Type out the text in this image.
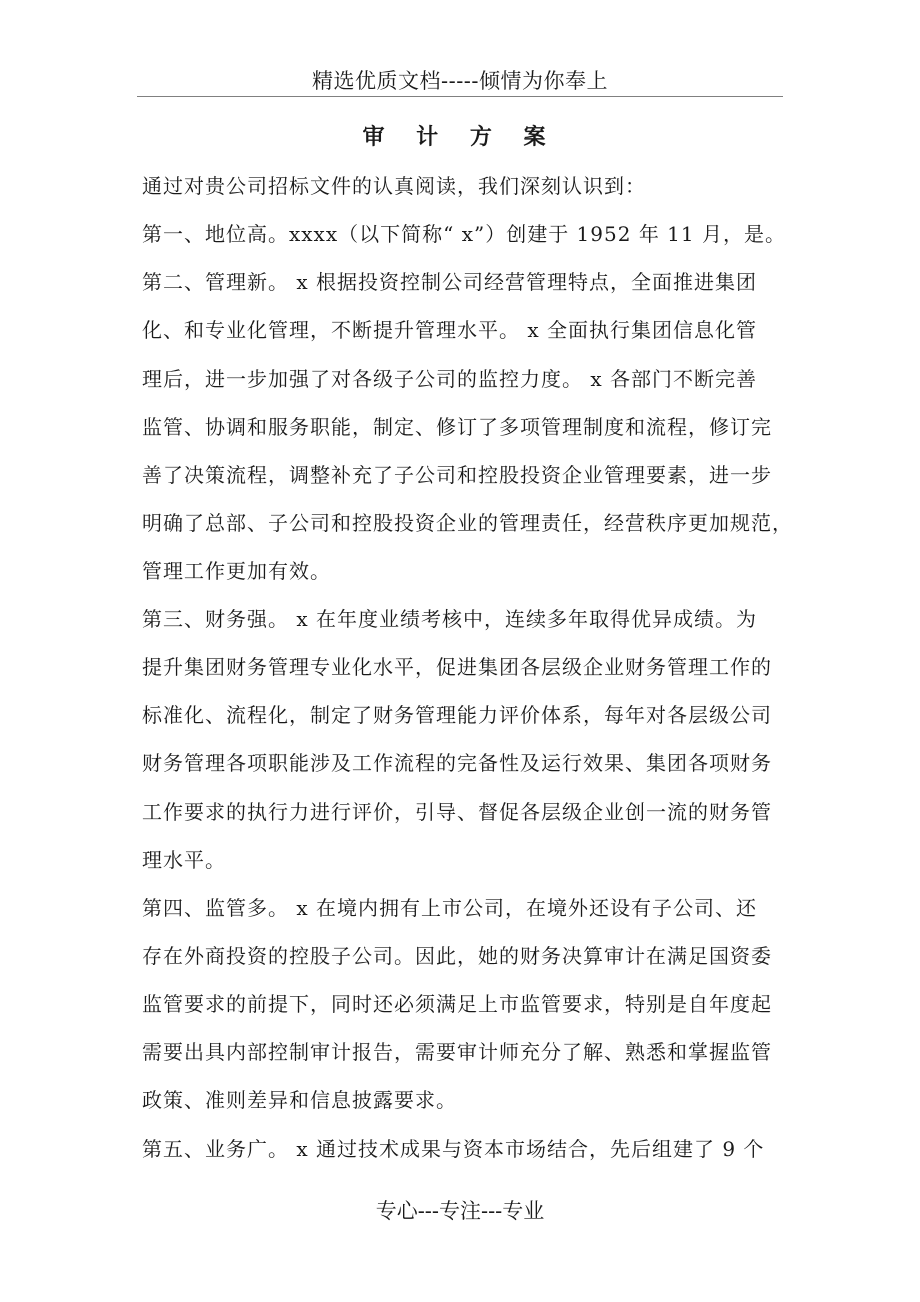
精选优质文档-----倾情为你奉上
审 计 方 案
通过对贵公司招标文件的认真阅读，我们深刻认识到：
第一、地位高。xxxx（以下简称“ x”）创建于 1952 年 11 月，是。
第二、管理新。 x 根据投资控制公司经营管理特点，全面推进集团
化、和专业化管理，不断提升管理水平。 x 全面执行集团信息化管
理后，进一步加强了对各级子公司的监控力度。 x 各部门不断完善
监管、协调和服务职能，制定、修订了多项管理制度和流程，修订完
善了决策流程，调整补充了子公司和控股投资企业管理要素，进一步
明确了总部、子公司和控股投资企业的管理责任，经营秩序更加规范，
管理工作更加有效。
第三、财务强。 x 在年度业绩考核中，连续多年取得优异成绩。为
提升集团财务管理专业化水平，促进集团各层级企业财务管理工作的
标准化、流程化，制定了财务管理能力评价体系，每年对各层级公司
财务管理各项职能涉及工作流程的完备性及运行效果、集团各项财务
工作要求的执行力进行评价，引导、督促各层级企业创一流的财务管
理水平。
第四、监管多。 x 在境内拥有上市公司，在境外还设有子公司、还
存在外商投资的控股子公司。因此，她的财务决算审计在满足国资委
监管要求的前提下，同时还必须满足上市监管要求，特别是自年度起
需要出具内部控制审计报告，需要审计师充分了解、熟悉和掌握监管
政策、准则差异和信息披露要求。
第五、业务广。 x 通过技术成果与资本市场结合，先后组建了 9 个
专心---专注---专业
